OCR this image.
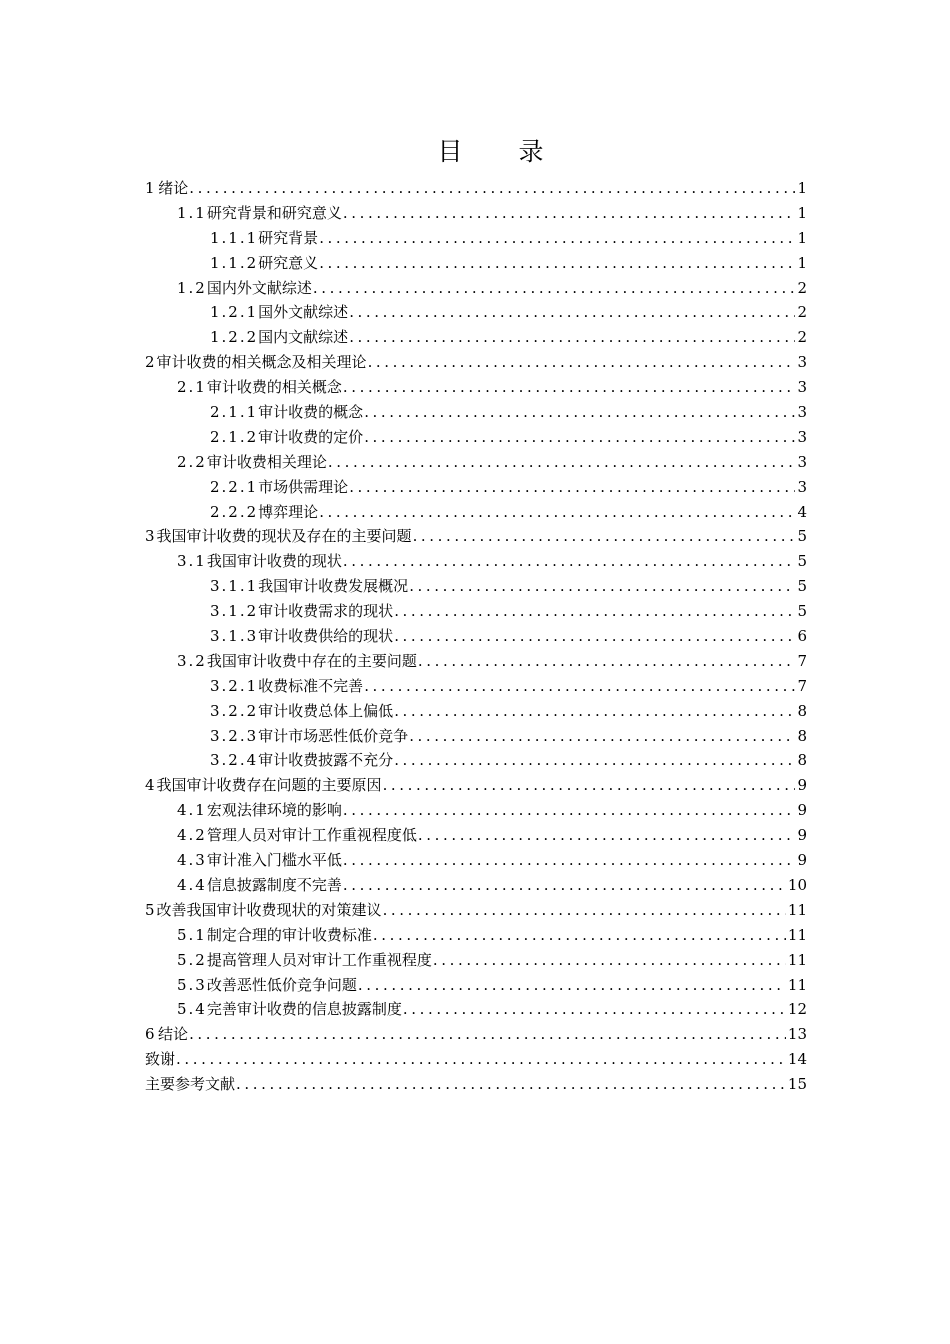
目 录
1 绪论 .....	1
1.1 研究背景和研究意义 .....	1
1.1.1 研究背景 .....	1
1.1.2 研究意义 .....	1
1.2 国内外文献综述 .....	2
1.2.1 国外文献综述 .....	2
1.2.2 国内文献综述 .....	2
2 审计收费的相关概念及相关理论 .....	3
2.1 审计收费的相关概念 .....	3
2.1.1 审计收费的概念 .....	3
2.1.2 审计收费的定价 .....	3
2.2 审计收费相关理论 .....	3
2.2.1 市场供需理论 .....	3
2.2.2 博弈理论 .....	4
3 我国审计收费的现状及存在的主要问题 .....	5
3.1 我国审计收费的现状 .....	5
3.1.1 我国审计收费发展概况 .....	5
3.1.2 审计收费需求的现状 .....	5
3.1.3 审计收费供给的现状 .....	6
3.2 我国审计收费中存在的主要问题 .....	7
3.2.1 收费标准不完善 .....	7
3.2.2 审计收费总体上偏低 .....	8
3.2.3 审计市场恶性低价竞争 .....	8
3.2.4 审计收费披露不充分 .....	8
4 我国审计收费存在问题的主要原因 .....	9
4.1 宏观法律环境的影响 .....	9
4.2 管理人员对审计工作重视程度低 .....	9
4.3 审计准入门槛水平低 .....	9
4.4 信息披露制度不完善 .....	10
5 改善我国审计收费现状的对策建议 .....	11
5.1 制定合理的审计收费标准 .....	11
5.2 提高管理人员对审计工作重视程度 .....	11
5.3 改善恶性低价竞争问题 .....	11
5.4 完善审计收费的信息披露制度 .....	12
6 结论 .....	13
致谢 .....	14
主要参考文献 .....	15
